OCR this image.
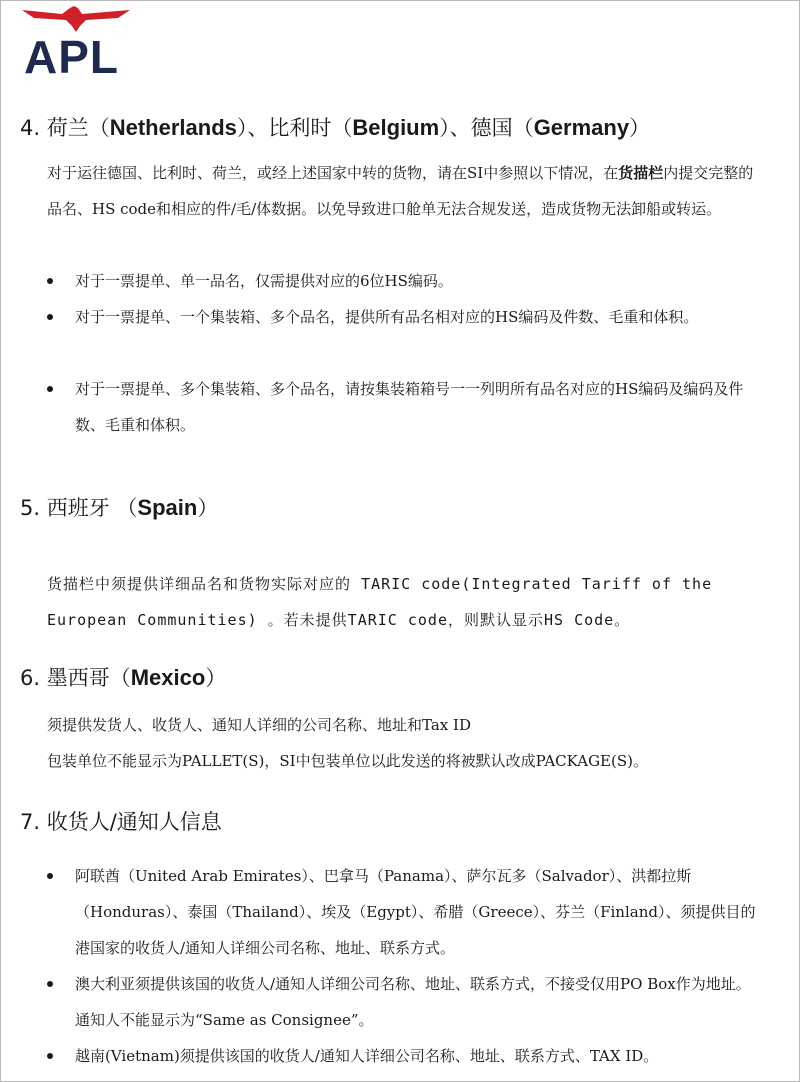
APL
4. 荷兰（Netherlands）、比利时（Belgium）、德国（Germany）
对于运往德国、比利时、荷兰，或经上述国家中转的货物，请在SI中参照以下情况，在货描栏内提交完整的品名、HS code和相应的件/毛/体数据。以免导致进口舱单无法合规发送，造成货物无法卸船或转运。
对于一票提单、单一品名，仅需提供对应的6位HS编码。
对于一票提单、一个集装箱、多个品名，提供所有品名相对应的HS编码及件数、毛重和体积。
对于一票提单、多个集装箱、多个品名，请按集装箱箱号一一列明所有品名对应的HS编码及编码及件数、毛重和体积。
5. 西班牙 （Spain）
货描栏中须提供详细品名和货物实际对应的 TARIC code(Integrated Tariff of the European Communities) 。若未提供TARIC code，则默认显示HS Code。
6. 墨西哥（Mexico）
须提供发货人、收货人、通知人详细的公司名称、地址和Tax ID
包装单位不能显示为PALLET(S)，SI中包装单位以此发送的将被默认改成PACKAGE(S)。
7. 收货人/通知人信息
阿联酋（United Arab Emirates）、巴拿马（Panama）、萨尔瓦多（Salvador）、洪都拉斯（Honduras）、泰国（Thailand）、埃及（Egypt）、希腊（Greece）、芬兰（Finland）、须提供目的港国家的收货人/通知人详细公司名称、地址、联系方式。
澳大利亚须提供该国的收货人/通知人详细公司名称、地址、联系方式，不接受仅用PO Box作为地址。通知人不能显示为“Same as Consignee”。
越南(Vietnam)须提供该国的收货人/通知人详细公司名称、地址、联系方式、TAX ID。
